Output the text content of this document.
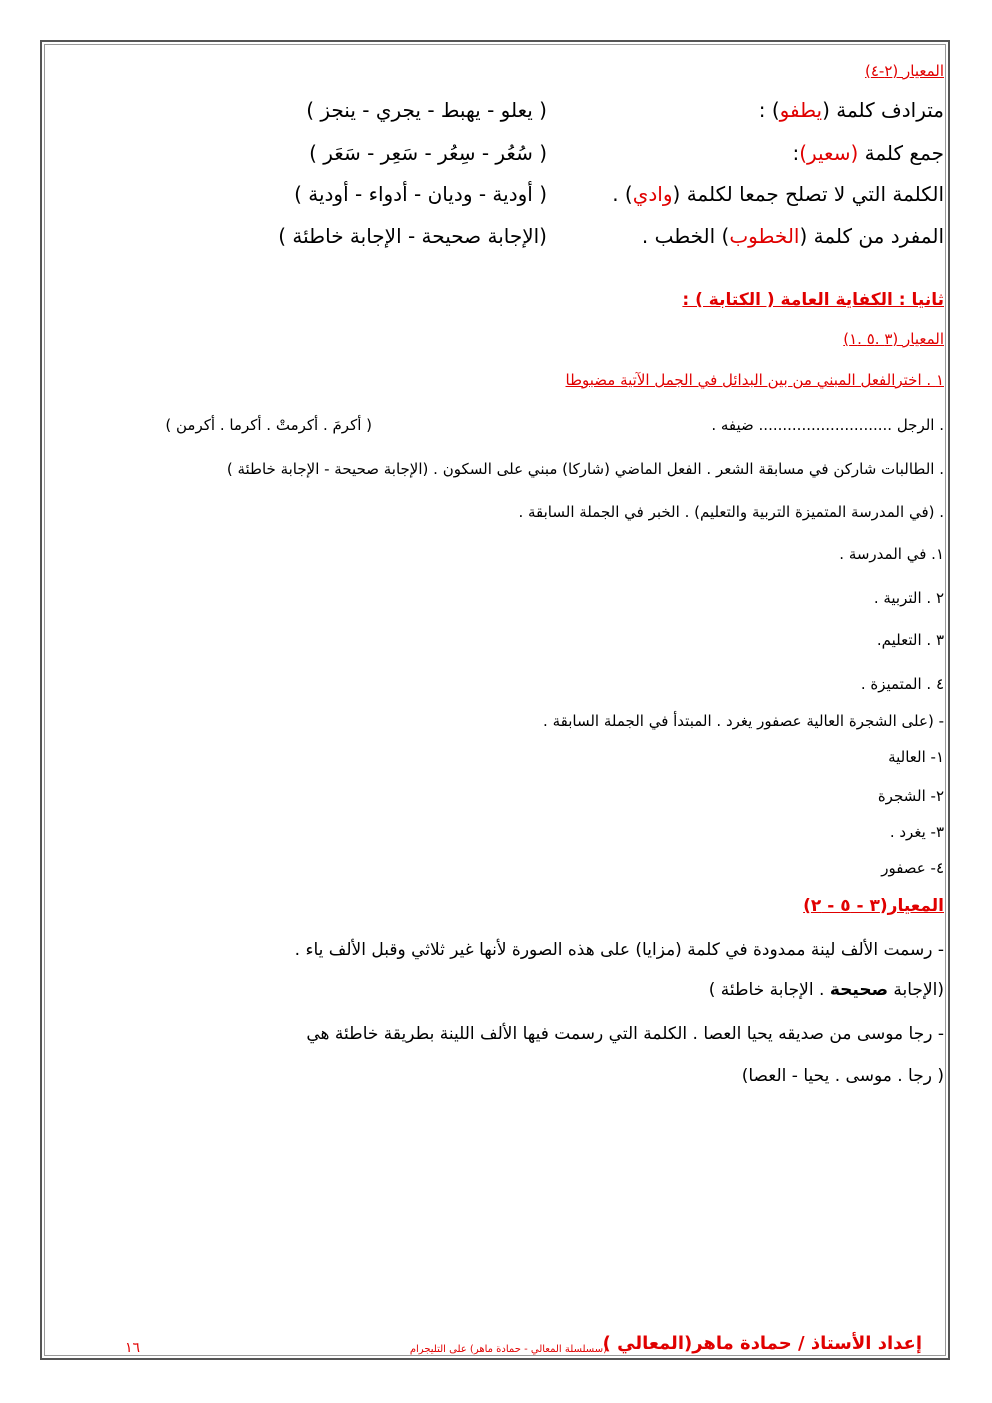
المعيار (٢-٤)
مترادف كلمة (يطفو) :
( يعلو - يهبط - يجري - ينجز )
جمع كلمة (سعير):
( سُعُر - سِعُر - سَعِر - سَعَر )
الكلمة التي لا تصلح جمعا لكلمة (وادي) .
( أودية - وديان - أدواء - أودية )
المفرد من كلمة (الخطوب) الخطب .
(الإجابة صحيحة - الإجابة خاطئة )
ثانيا : الكفاية العامة ( الكتابة ) :
المعيار (٣ .٥ .١)
١ . اخترالفعل المبني من بين البدائل في الجمل الآتية مضبوطا
. الرجل ............................ ضيفه .
( أكرمَ . أكرمتْ . أكرما . أكرمن )
. الطالبات شاركن في مسابقة الشعر . الفعل الماضي (شاركا) مبني على السكون . (الإجابة صحيحة - الإجابة خاطئة )
. (في المدرسة المتميزة التربية والتعليم) . الخبر في الجملة السابقة .
١. في المدرسة .
٢ . التربية .
٣ . التعليم.
٤ . المتميزة .
- (على الشجرة العالية عصفور يغرد . المبتدأ في الجملة السابقة .
١- العالية
٢- الشجرة
٣- يغرد .
٤- عصفور
المعيار(٣ - ٥ - ٢)
- رسمت الألف لينة ممدودة في كلمة (مزايا) على هذه الصورة لأنها غير ثلاثي وقبل الألف ياء .
(الإجابة صحيحة . الإجابة خاطئة )
- رجا موسى من صديقه يحيا العصا . الكلمة التي رسمت فيها الألف اللينة بطريقة خاطئة هي
( رجا . موسى . يحيا - العصا)
إعداد الأستاذ / حمادة ماهر(المعالي )
(سسلسلة المعالي - حمادة ماهر) على التليجرام
١٦
